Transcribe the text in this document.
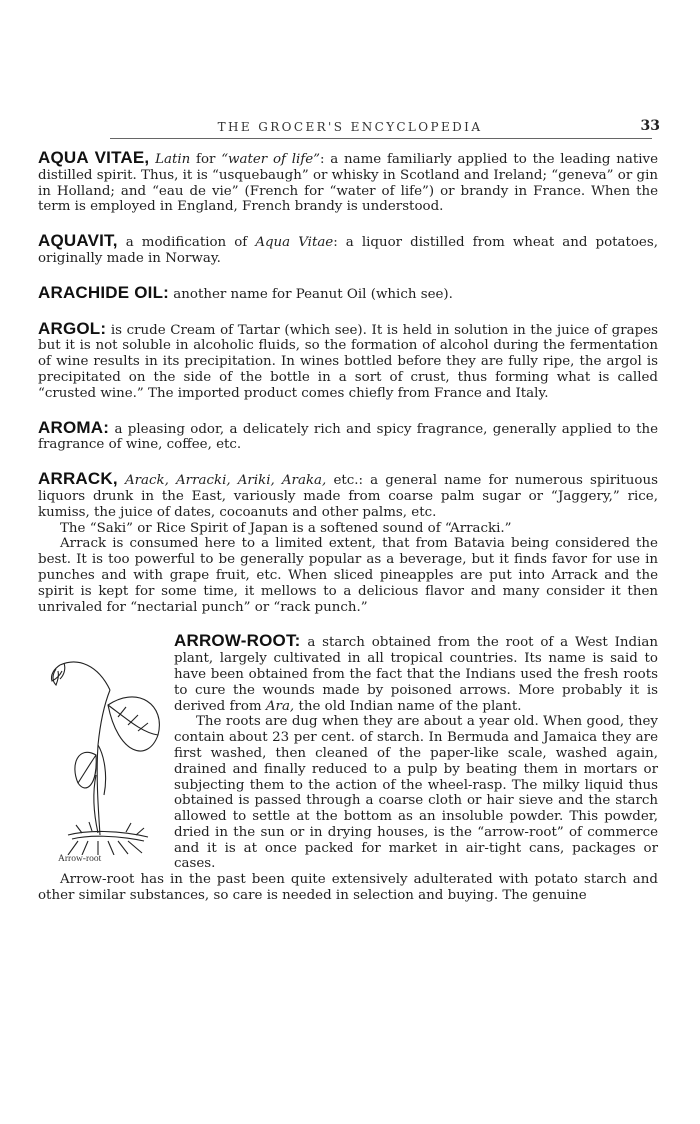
THE GROCER'S ENCYCLOPEDIA	33

AQUA VITAE, Latin for “water of life”: a name familiarly applied to the leading native distilled spirit. Thus, it is “usquebaugh” or whisky in Scotland and Ireland; “geneva” or gin in Holland; and “eau de vie” (French for “water of life”) or brandy in France. When the term is employed in England, French brandy is understood.

AQUAVIT, a modification of Aqua Vitae: a liquor distilled from wheat and potatoes, originally made in Norway.

ARACHIDE OIL: another name for Peanut Oil (which see).

ARGOL: is crude Cream of Tartar (which see). It is held in solution in the juice of grapes but it is not soluble in alcoholic fluids, so the formation of alcohol during the fermentation of wine results in its precipitation. In wines bottled before they are fully ripe, the argol is precipitated on the side of the bottle in a sort of crust, thus forming what is called “crusted wine.” The imported product comes chiefly from France and Italy.

AROMA: a pleasing odor, a delicately rich and spicy fragrance, generally applied to the fragrance of wine, coffee, etc.

ARRACK, Arack, Arracki, Ariki, Araka, etc.: a general name for numerous spirituous liquors drunk in the East, variously made from coarse palm sugar or “Jaggery,” rice, kumiss, the juice of dates, cocoanuts and other palms, etc.

The “Saki” or Rice Spirit of Japan is a softened sound of “Arracki.”

Arrack is consumed here to a limited extent, that from Batavia being considered the best. It is too powerful to be generally popular as a beverage, but it finds favor for use in punches and with grape fruit, etc. When sliced pineapples are put into Arrack and the spirit is kept for some time, it mellows to a delicious flavor and many consider it then unrivaled for “nectarial punch” or “rack punch.”

ARROW-ROOT:
Arrow-root
a starch obtained from the root of a West Indian plant, largely cultivated in all tropical countries. Its name is said to have been obtained from the fact that the Indians used the fresh roots to cure the wounds made by poisoned arrows. More probably it is derived from Ara, the old Indian name of the plant.

The roots are dug when they are about a year old. When good, they contain about 23 per cent. of starch. In Bermuda and Jamaica they are first washed, then cleaned of the paper-like scale, washed again, drained and finally reduced to a pulp by beating them in mortars or subjecting them to the action of the wheel-rasp. The milky liquid thus obtained is passed through a coarse cloth or hair sieve and the starch allowed to settle at the bottom as an insoluble powder. This powder, dried in the sun or in drying houses, is the “arrow-root” of commerce and it is at once packed for market in air-tight cans, packages or cases.

Arrow-root has in the past been quite extensively adulterated with potato starch and other similar substances, so care is needed in selection and buying. The genuine
